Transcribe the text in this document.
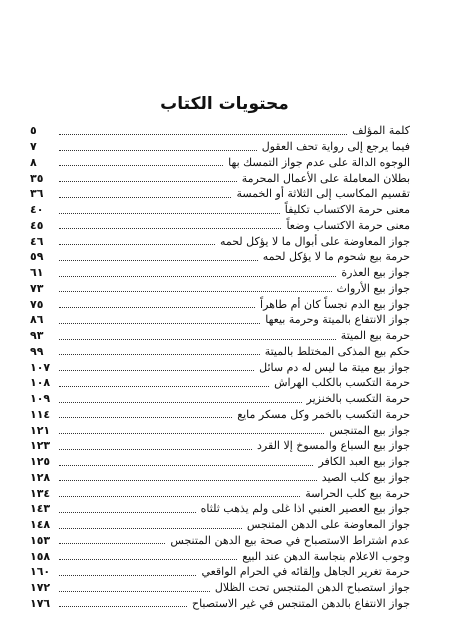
محتويات الكتاب
كلمة المؤلف
٥
فيما يرجع إلى رواية تحف العقول
٧
الوجوه الدالة على عدم جواز التمسك بها
٨
بطلان المعاملة على الأعمال المحرمة
٣٥
تقسيم المكاسب إلى الثلاثة أو الخمسة
٣٦
معنى حرمة الاكتساب تكليفاً
٤٠
معنى حرمة الاكتساب وضعاً
٤٥
جواز المعاوضة على أبوال ما لا يؤكل لحمه
٤٦
حرمة بيع شحوم ما لا يؤكل لحمه
٥٩
جواز بيع العذرة
٦١
جواز بيع الأرواث
٧٣
جواز بيع الدم نجساً كان أم طاهراً
٧٥
جواز الانتفاع بالميتة وحرمة بيعها
٨٦
حرمة بيع الميتة
٩٣
حكم بيع المذكى المختلط بالميتة
٩٩
جواز بيع ميتة ما ليس له دم سائل
١٠٧
حرمة التكسب بالكلب الهراش
١٠٨
حرمة التكسب بالخنزير
١٠٩
حرمة التكسب بالخمر وكل مسكر مايع
١١٤
جواز بيع المتنجس
١٢١
جواز بيع السباع والمسوخ إلا القرد
١٢٣
جواز بيع العبد الكافر
١٢٥
جواز بيع كلب الصيد
١٢٨
حرمة بيع كلب الحراسة
١٣٤
جواز بيع العصير العنبي اذا غلى ولم يذهب ثلثاه
١٤٣
جواز المعاوضة على الدهن المتنجس
١٤٨
عدم اشتراط الاستصباح في صحة بيع الدهن المتنجس
١٥٣
وجوب الاعلام بنجاسة الدهن عند البيع
١٥٨
حرمة تغرير الجاهل وإلقائه في الحرام الواقعي
١٦٠
جواز استصباح الدهن المتنجس تحت الظلال
١٧٢
جواز الانتفاع بالدهن المتنجس في غير الاستصباح
١٧٦
